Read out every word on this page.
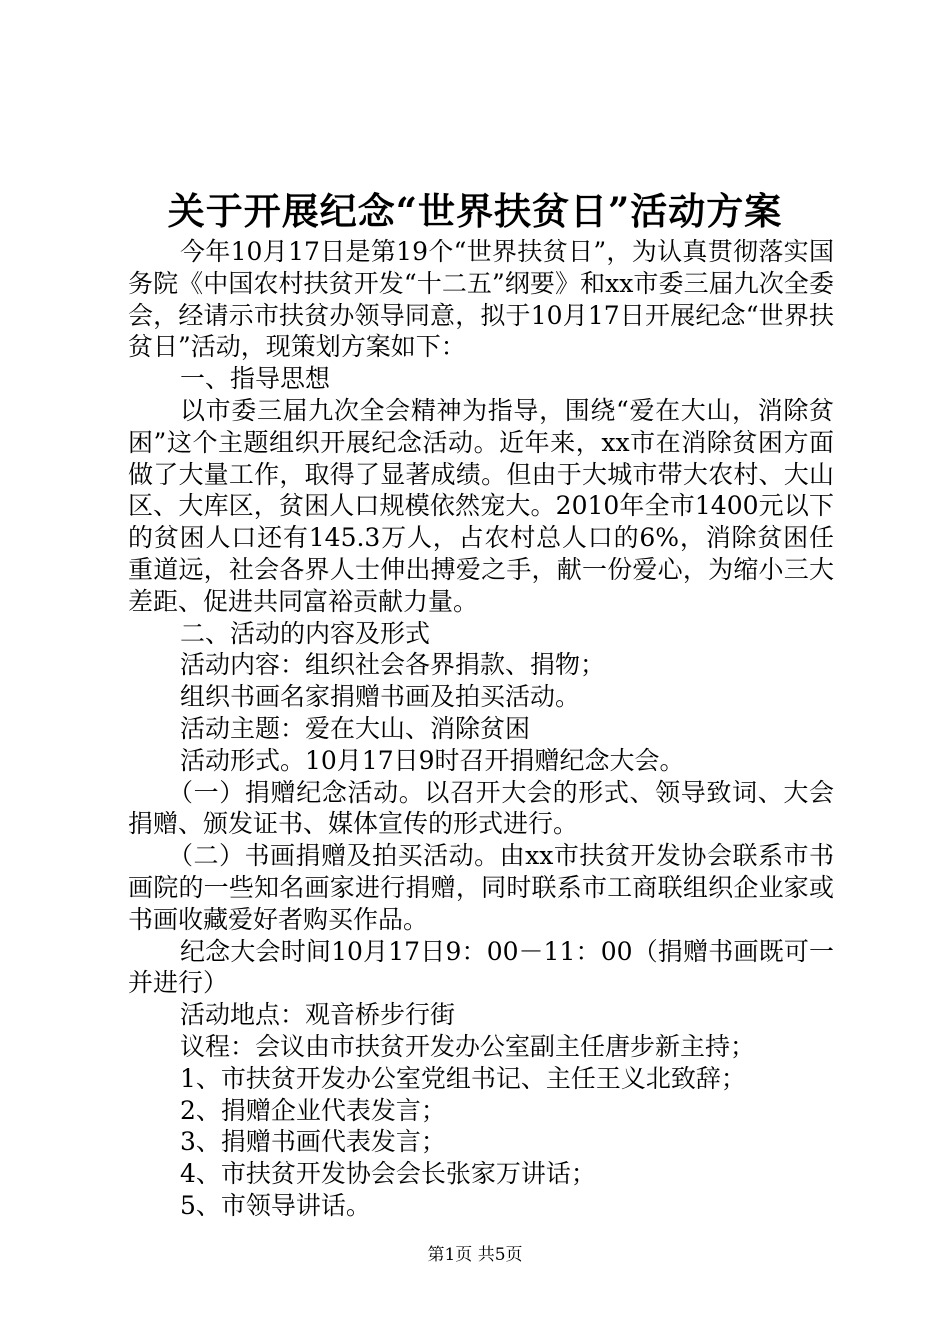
关于开展纪念“世界扶贫日”活动方案

今年10月17日是第19个“世界扶贫日”，为认真贯彻落实国务院《中国农村扶贫开发“十二五”纲要》和xx市委三届九次全委会，经请示市扶贫办领导同意，拟于10月17日开展纪念“世界扶贫日”活动，现策划方案如下：

一、指导思想

以市委三届九次全会精神为指导，围绕“爱在大山，消除贫困”这个主题组织开展纪念活动。近年来，xx市在消除贫困方面做了大量工作，取得了显著成绩。但由于大城市带大农村、大山区、大库区，贫困人口规模依然宠大。2010年全市1400元以下的贫困人口还有145.3万人，占农村总人口的6%，消除贫困任重道远，社会各界人士伸出搏爱之手，献一份爱心，为缩小三大差距、促进共同富裕贡献力量。

二、活动的内容及形式

活动内容：组织社会各界捐款、捐物；

组织书画名家捐赠书画及拍买活动。

活动主题：爱在大山、消除贫困

活动形式。10月17日9时召开捐赠纪念大会。

（一）捐赠纪念活动。以召开大会的形式、领导致词、大会捐赠、颁发证书、媒体宣传的形式进行。

（二）书画捐赠及拍买活动。由xx市扶贫开发协会联系市书画院的一些知名画家进行捐赠，同时联系市工商联组织企业家或书画收藏爱好者购买作品。

纪念大会时间10月17日9：00－11：00（捐赠书画既可一并进行）

活动地点：观音桥步行街

议程：会议由市扶贫开发办公室副主任唐步新主持；

1、市扶贫开发办公室党组书记、主任王义北致辞；

2、捐赠企业代表发言；

3、捐赠书画代表发言；

4、市扶贫开发协会会长张家万讲话；

5、市领导讲话。

第1页 共5页
